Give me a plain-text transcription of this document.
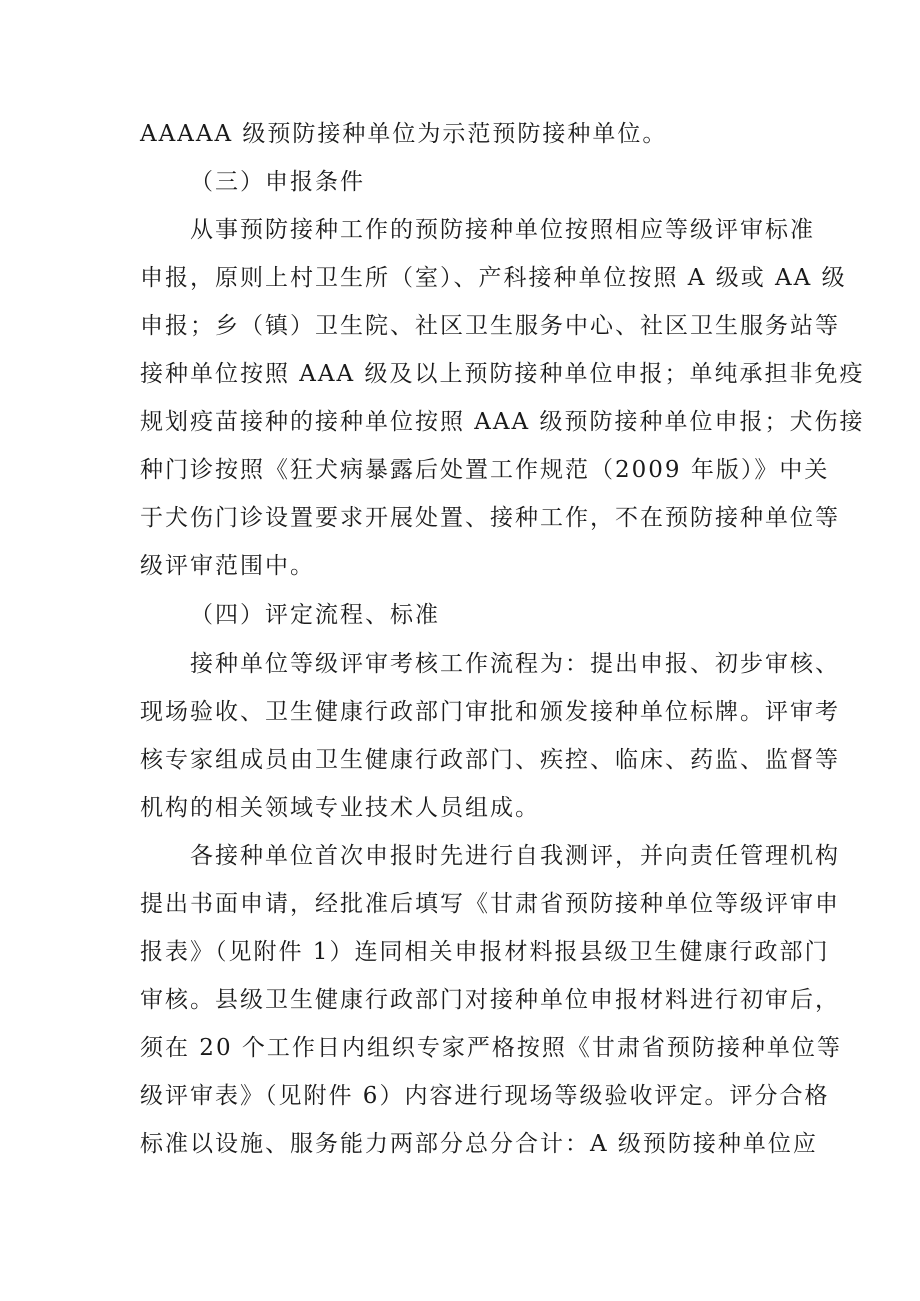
AAAAA 级预防接种单位为示范预防接种单位。
（三）申报条件
从事预防接种工作的预防接种单位按照相应等级评审标准
申报，原则上村卫生所（室）、产科接种单位按照 A 级或 AA 级
申报；乡（镇）卫生院、社区卫生服务中心、社区卫生服务站等
接种单位按照 AAA 级及以上预防接种单位申报；单纯承担非免疫
规划疫苗接种的接种单位按照 AAA 级预防接种单位申报；犬伤接
种门诊按照《狂犬病暴露后处置工作规范（2009 年版）》中关
于犬伤门诊设置要求开展处置、接种工作，不在预防接种单位等
级评审范围中。
（四）评定流程、标准
接种单位等级评审考核工作流程为：提出申报、初步审核、
现场验收、卫生健康行政部门审批和颁发接种单位标牌。评审考
核专家组成员由卫生健康行政部门、疾控、临床、药监、监督等
机构的相关领域专业技术人员组成。
各接种单位首次申报时先进行自我测评，并向责任管理机构
提出书面申请，经批准后填写《甘肃省预防接种单位等级评审申
报表》（见附件 1）连同相关申报材料报县级卫生健康行政部门
审核。县级卫生健康行政部门对接种单位申报材料进行初审后，
须在 20 个工作日内组织专家严格按照《甘肃省预防接种单位等
级评审表》（见附件 6）内容进行现场等级验收评定。评分合格
标准以设施、服务能力两部分总分合计：A 级预防接种单位应
